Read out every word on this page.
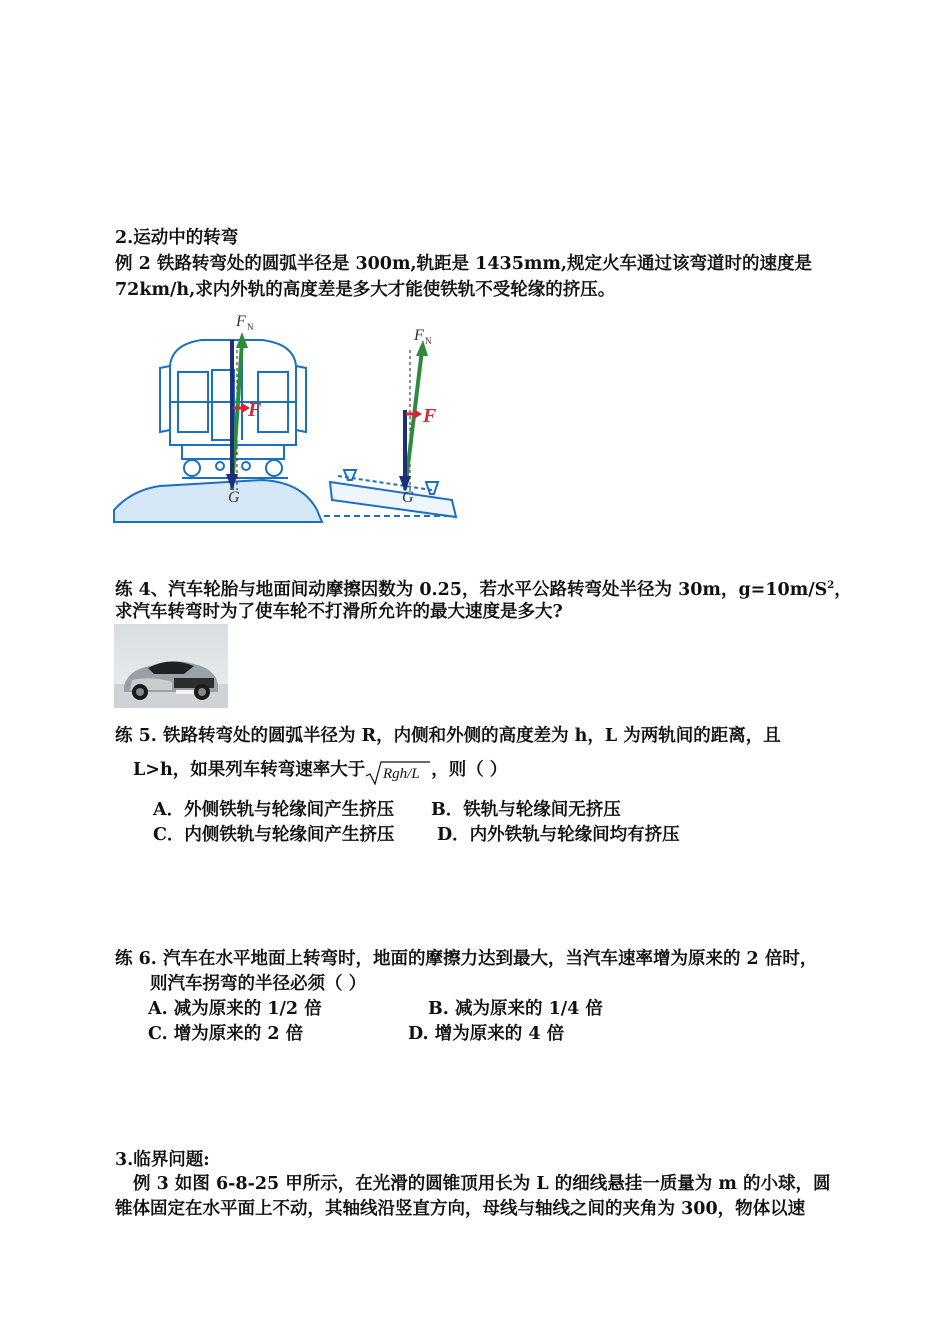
2.运动中的转弯
例 2 铁路转弯处的圆弧半径是 300m,轨距是 1435mm,规定火车通过该弯道时的速度是
72km/h,求内外轨的高度差是多大才能使铁轨不受轮缘的挤压。
F N
F
G
F N
F
G
练 4、汽车轮胎与地面间动摩擦因数为 0.25，若水平公路转弯处半径为 30m，$g=10m/S^2$，
求汽车转弯时为了使车轮不打滑所允许的最大速度是多大?
练 5. 铁路转弯处的圆弧半径为 R，内侧和外侧的高度差为 h，L 为两轨间的距离，且
L>h，如果列车转弯速率大于 Rgh/L ，则（ ）
A．外侧铁轨与轮缘间产生挤压 B．铁轨与轮缘间无挤压
C．内侧铁轨与轮缘间产生挤压 D．内外铁轨与轮缘间均有挤压
练 6. 汽车在水平地面上转弯时，地面的摩擦力达到最大，当汽车速率增为原来的 2 倍时，
则汽车拐弯的半径必须（ ）
A. 减为原来的 1/2 倍	B. 减为原来的 1/4 倍
C. 增为原来的 2 倍	D. 增为原来的 4 倍
3.临界问题:
例 3 如图 6-8-25 甲所示，在光滑的圆锥顶用长为 L 的细线悬挂一质量为 m 的小球，圆
锥体固定在水平面上不动，其轴线沿竖直方向，母线与轴线之间的夹角为 300，物体以速
